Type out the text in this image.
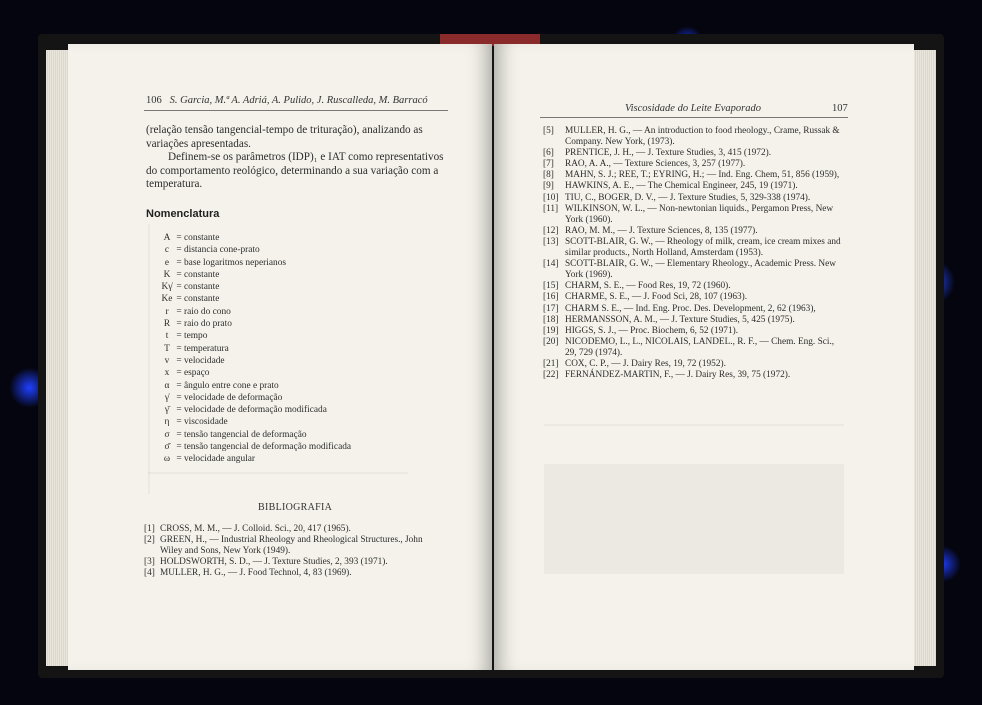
106 S. Garcia, M.ª A. Adriá, A. Pulido, J. Ruscalleda, M. Barracó
(relação tensão tangencial-tempo de trituração), analizando as variações apresentadas.
Definem-se os parâmetros (IDP)₁ e IAT como representativos do comportamento reológico, determinando a sua variação com a temperatura.
Nomenclatura
A = constante
c = distancia cone-prato
e = base logaritmos neperianos
K = constante
Kγ̇ = constante
Ke = constante
r = raio do cono
R = raio do prato
t = tempo
T = temperatura
v = velocidade
x = espaço
α = ângulo entre cone e prato
γ̇ = velocidade de deformação
γ̄ = velocidade de deformação modificada
η = viscosidade
σ = tensão tangencial de deformação
σ̄ = tensão tangencial de deformação modificada
ω = velocidade angular
BIBLIOGRAFIA
[1] CROSS, M. M., — J. Colloid. Sci., 20, 417 (1965).
[2] GREEN, H., — Industrial Rheology and Rheological Structures., John Wiley and Sons, New York (1949).
[3] HOLDSWORTH, S. D., — J. Texture Studies, 2, 393 (1971).
[4] MULLER, H. G., — J. Food Technol, 4, 83 (1969).
Viscosidade do Leite Evaporado	107
[5]	MULLER, H. G., — An introduction to food rheology., Crame, Russak & Company. New York, (1973).
[6]	PRENTICE, J. H., — J. Texture Studies, 3, 415 (1972).
[7]	RAO, A. A., — Texture Sciences, 3, 257 (1977).
[8]	MAHN, S. J.; REE, T.; EYRING, H.; — Ind. Eng. Chem, 51, 856 (1959),
[9]	HAWKINS, A. E., — The Chemical Engineer, 245, 19 (1971).
[10] TIU, C., BOGER, D. V., — J. Texture Studies, 5, 329-338 (1974).
[11] WILKINSON, W. L., — Non-newtonian liquids., Pergamon Press, New York (1960).
[12] RAO, M. M., — J. Texture Sciences, 8, 135 (1977).
[13] SCOTT-BLAIR, G. W., — Rheology of milk, cream, ice cream mixes and similar products., North Holland, Amsterdam (1953).
[14] SCOTT-BLAIR, G. W., — Elementary Rheology., Academic Press. New York (1969).
[15] CHARM, S. E., — Food Res, 19, 72 (1960).
[16] CHARME, S. E., — J. Food Sci, 28, 107 (1963).
[17] CHARM S. E., — Ind. Eng. Proc. Des. Development, 2, 62 (1963),
[18] HERMANSSON, A. M., — J. Texture Studies, 5, 425 (1975).
[19] HIGGS, S. J., — Proc. Biochem, 6, 52 (1971).
[20] NICODEMO, L., L., NICOLAIS, LANDEL., R. F., — Chem. Eng. Sci., 29, 729 (1974).
[21] COX, C. P., — J. Dairy Res, 19, 72 (1952).
[22] FERNÁNDEZ-MARTIN, F., — J. Dairy Res, 39, 75 (1972).
